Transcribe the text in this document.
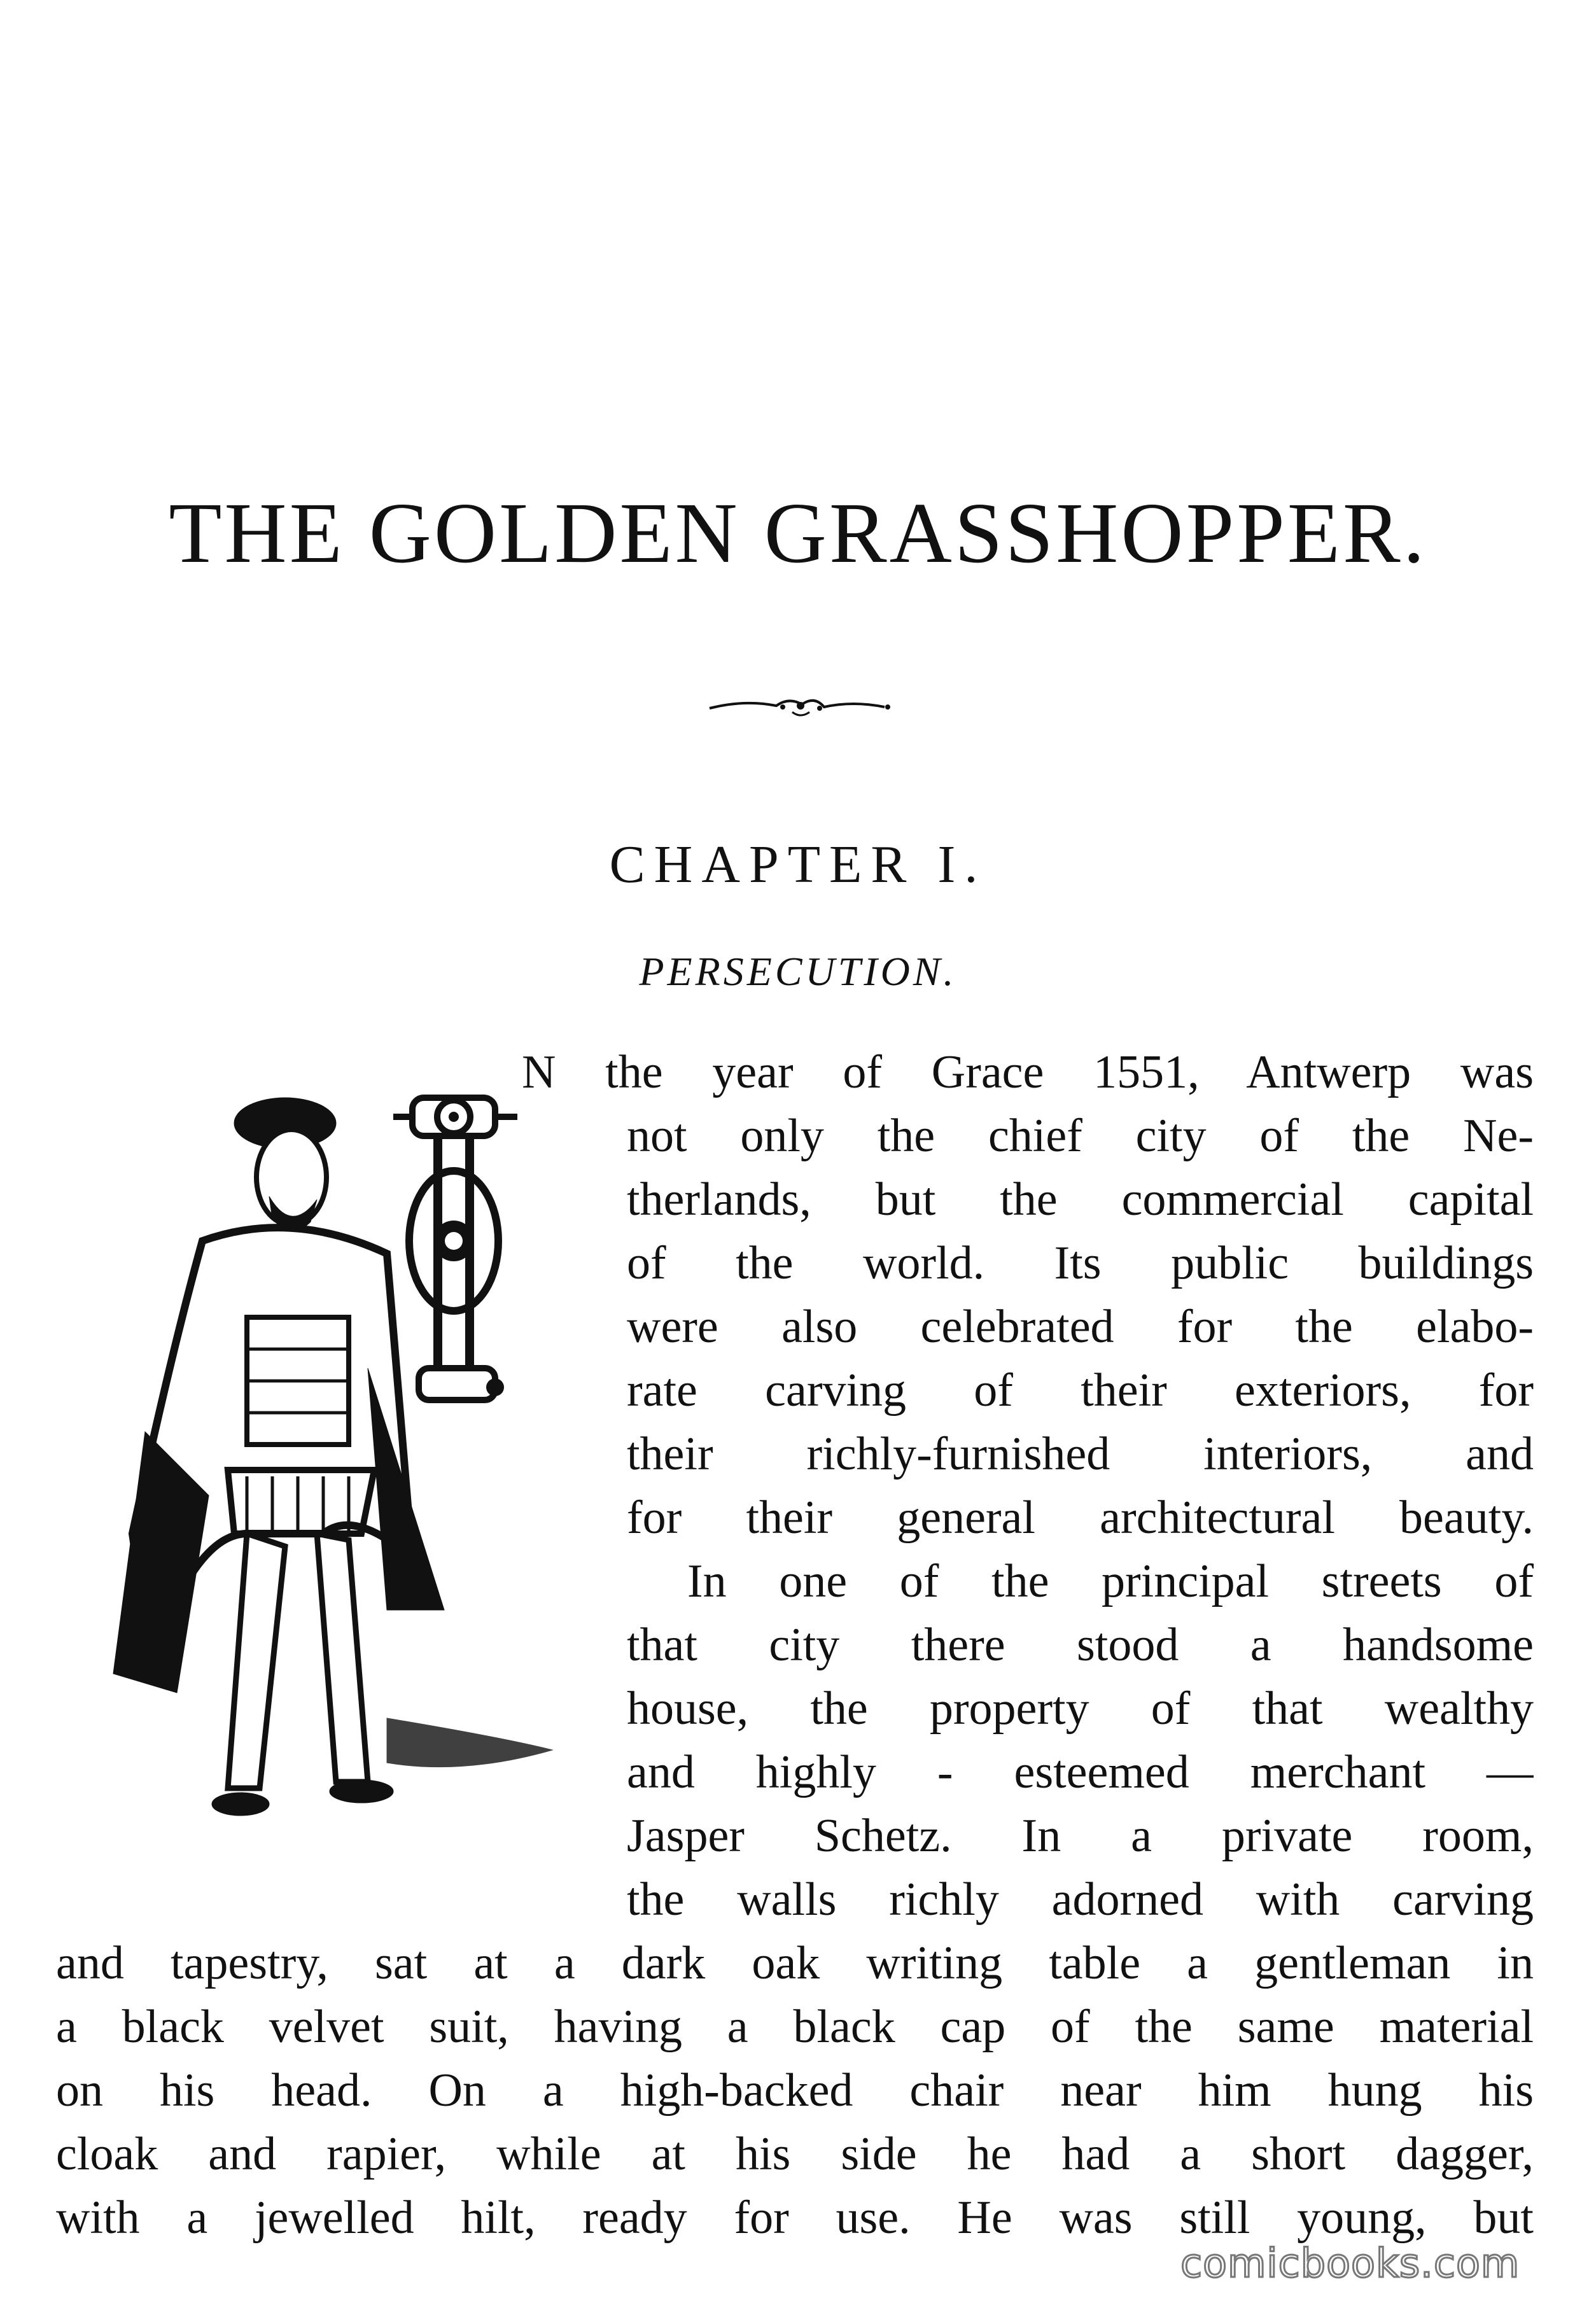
THE GOLDEN GRASSHOPPER.
CHAPTER I.
PERSECUTION.
N the year of Grace 1551, Antwerp was
not only the chief city of the Ne-
therlands, but the commercial capital
of the world. Its public buildings
were also celebrated for the elabo-
rate carving of their exteriors, for
their richly-furnished interiors, and
for their general architectural beauty.
In one of the principal streets of
that city there stood a handsome
house, the property of that wealthy
and highly - esteemed merchant —
Jasper Schetz. In a private room,
the walls richly adorned with carving
and tapestry, sat at a dark oak writing table a gentleman in
a black velvet suit, having a black cap of the same material
on his head. On a high-backed chair near him hung his
cloak and rapier, while at his side he had a short dagger,
with a jewelled hilt, ready for use. He was still young, but
comicbooks.com
